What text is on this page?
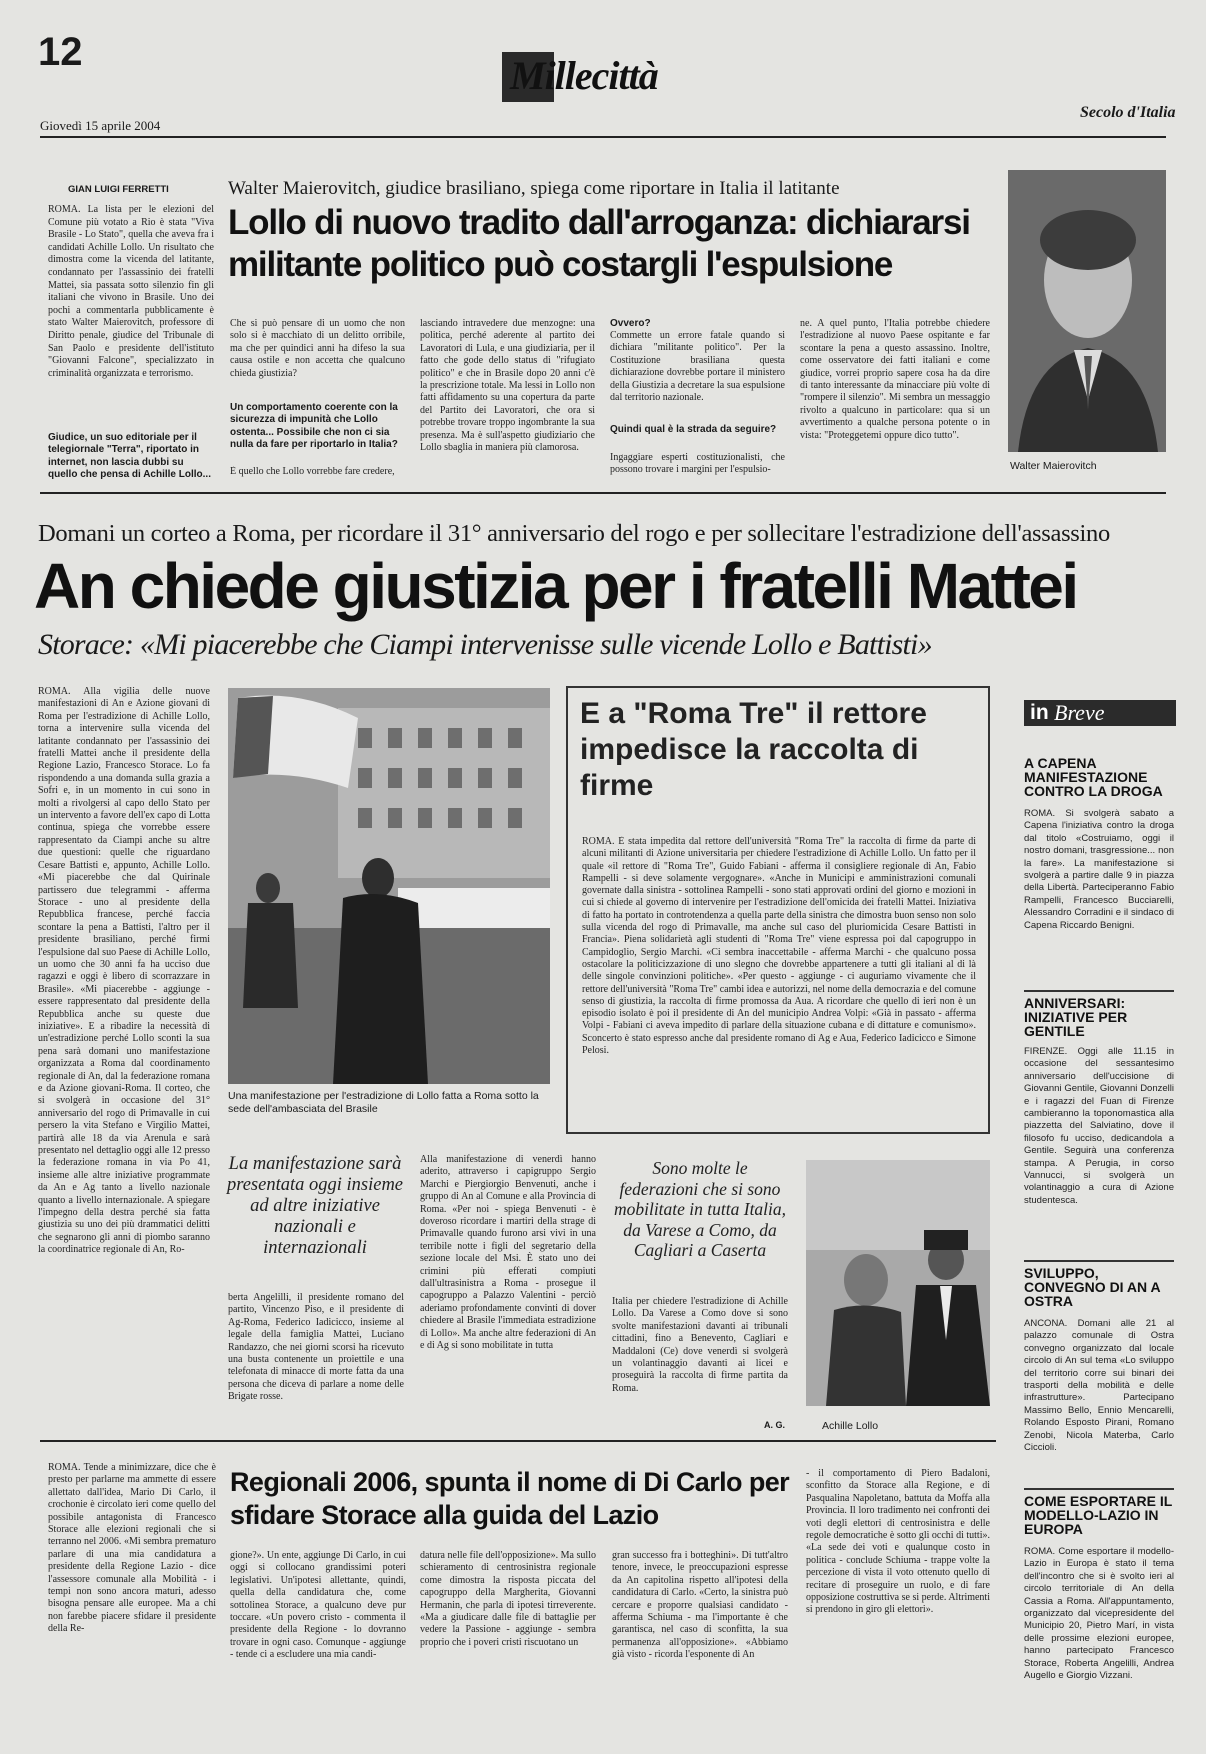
12
Millecittà
Giovedì 15 aprile 2004
Secolo d'Italia
GIAN LUIGI FERRETTI
ROMA. La lista per le elezioni del Comune più votato a Rio è stata "Viva Brasile - Lo Stato", quella che aveva fra i candidati Achille Lollo. Un risultato che dimostra come la vicenda del latitante, condannato per l'assassinio dei fratelli Mattei, sia passata sotto silenzio fin gli italiani che vivono in Brasile. Uno dei pochi a commentarla pubblicamente è stato Walter Maierovitch, professore di Diritto penale, giudice del Tribunale di San Paolo e presidente dell'istituto "Giovanni Falcone", specializzato in criminalità organizzata e terrorismo.
Giudice, un suo editoriale per il telegiornale "Terra", riportato in internet, non lascia dubbi su quello che pensa di Achille Lollo...
Walter Maierovitch, giudice brasiliano, spiega come riportare in Italia il latitante
Lollo di nuovo tradito dall'arroganza: dichiararsi militante politico può costargli l'espulsione
Che si può pensare di un uomo che non solo si è macchiato di un delitto orribile, ma che per quindici anni ha difeso la sua causa ostile e non accetta che qualcuno chieda giustizia?
Un comportamento coerente con la sicurezza di impunità che Lollo ostenta... Possibile che non ci sia nulla da fare per riportarlo in Italia?
È quello che Lollo vorrebbe fare credere,
lasciando intravedere due menzogne: una politica, perché aderente al partito dei Lavoratori di Lula, e una giudiziaria, per il fatto che gode dello status di "rifugiato politico" e che in Brasile dopo 20 anni c'è la prescrizione totale. Ma lessi in Lollo non fatti affidamento su una copertura da parte del Partito dei Lavoratori, che ora si potrebbe trovare troppo ingombrante la sua presenza. Ma è sull'aspetto giudiziario che Lollo sbaglia in maniera più clamorosa.
Ovvero?
Commette un errore fatale quando si dichiara "militante politico". Per la Costituzione brasiliana questa dichiarazione dovrebbe portare il ministero della Giustizia a decretare la sua espulsione dal territorio nazionale.
Quindi qual è la strada da seguire?
Ingaggiare esperti costituzionalisti, che possono trovare i margini per l'espulsio-
ne. A quel punto, l'Italia potrebbe chiedere l'estradizione al nuovo Paese ospitante e far scontare la pena a questo assassino. Inoltre, come osservatore dei fatti italiani e come giudice, vorrei proprio sapere cosa ha da dire di tanto interessante da minacciare più volte di "rompere il silenzio". Mi sembra un messaggio rivolto a qualcuno in particolare: qua si un avvertimento a qualche persona potente o in vista: "Proteggetemi oppure dico tutto".
Walter Maierovitch
Domani un corteo a Roma, per ricordare il 31° anniversario del rogo e per sollecitare l'estradizione dell'assassino
An chiede giustizia per i fratelli Mattei
Storace: «Mi piacerebbe che Ciampi intervenisse sulle vicende Lollo e Battisti»
ROMA. Alla vigilia delle nuove manifestazioni di An e Azione giovani di Roma per l'estradizione di Achille Lollo, torna a intervenire sulla vicenda del latitante condannato per l'assassinio dei fratelli Mattei anche il presidente della Regione Lazio, Francesco Storace. Lo fa rispondendo a una domanda sulla grazia a Sofri e, in un momento in cui sono in molti a rivolgersi al capo dello Stato per un intervento a favore dell'ex capo di Lotta continua, spiega che vorrebbe essere rappresentato da Ciampi anche su altre due questioni: quelle che riguardano Cesare Battisti e, appunto, Achille Lollo. «Mi piacerebbe che dal Quirinale partissero due telegrammi - afferma Storace - uno al presidente della Repubblica francese, perché faccia scontare la pena a Battisti, l'altro per il presidente brasiliano, perché firmi l'espulsione dal suo Paese di Achille Lollo, un uomo che 30 anni fa ha ucciso due ragazzi e oggi è libero di scorrazzare in Brasile». «Mi piacerebbe - aggiunge - essere rappresentato dal presidente della Repubblica anche su queste due iniziative». E a ribadire la necessità di un'estradizione perché Lollo sconti la sua pena sarà domani uno manifestazione organizzata a Roma dal coordinamento regionale di An, dal la federazione romana e da Azione giovani-Roma. Il corteo, che si svolgerà in occasione del 31° anniversario del rogo di Primavalle in cui persero la vita Stefano e Virgilio Mattei, partirà alle 18 da via Arenula e sarà presentato nel dettaglio oggi alle 12 presso la federazione romana in via Po 41, insieme alle altre iniziative programmate da An e Ag tanto a livello nazionale quanto a livello internazionale. A spiegare l'impegno della destra perché sia fatta giustizia su uno dei più drammatici delitti che segnarono gli anni di piombo saranno la coordinatrice regionale di An, Ro-
Una manifestazione per l'estradizione di Lollo fatta a Roma sotto la sede dell'ambasciata del Brasile
E a "Roma Tre" il rettore impedisce la raccolta di firme
ROMA. È stata impedita dal rettore dell'università "Roma Tre" la raccolta di firme da parte di alcuni militanti di Azione universitaria per chiedere l'estradizione di Achille Lollo. Un fatto per il quale «il rettore di "Roma Tre", Guido Fabiani - afferma il consigliere regionale di An, Fabio Rampelli - si deve solamente vergognare». «Anche in Municipi e amministrazioni comunali governate dalla sinistra - sottolinea Rampelli - sono stati approvati ordini del giorno e mozioni in cui si chiede al governo di intervenire per l'estradizione dell'omicida dei fratelli Mattei. Iniziativa di fatto ha portato in controtendenza a quella parte della sinistra che dimostra buon senso non solo sulla vicenda del rogo di Primavalle, ma anche sul caso del pluriomicida Cesare Battisti in Francia». Piena solidarietà agli studenti di "Roma Tre" viene espressa poi dal capogruppo in Campidoglio, Sergio Marchi. «Ci sembra inaccettabile - afferma Marchi - che qualcuno possa ostacolare la politicizzazione di uno slegno che dovrebbe appartenere a tutti gli italiani al di là delle singole convinzioni politiche». «Per questo - aggiunge - ci auguriamo vivamente che il rettore dell'università "Roma Tre" cambi idea e autorizzi, nel nome della democrazia e del comune senso di giustizia, la raccolta di firme promossa da Aua. A ricordare che quello di ieri non è un episodio isolato è poi il presidente di An del municipio Andrea Volpi: «Già in passato - afferma Volpi - Fabiani ci aveva impedito di parlare della situazione cubana e di dittature e comunismo». Sconcerto è stato espresso anche dal presidente romano di Ag e Aua, Federico Iadicicco e Simone Pelosi.
La manifestazione sarà presentata oggi insieme ad altre iniziative nazionali e internazionali
berta Angelilli, il presidente romano del partito, Vincenzo Piso, e il presidente di Ag-Roma, Federico Iadicicco, insieme al legale della famiglia Mattei, Luciano Randazzo, che nei giorni scorsi ha ricevuto una busta contenente un proiettile e una telefonata di minacce di morte fatta da una persona che diceva di parlare a nome delle Brigate rosse.
Alla manifestazione di venerdì hanno aderito, attraverso i capigruppo Sergio Marchi e Piergiorgio Benvenuti, anche i gruppo di An al Comune e alla Provincia di Roma. «Per noi - spiega Benvenuti - è doveroso ricordare i martiri della strage di Primavalle quando furono arsi vivi in una terribile notte i figli del segretario della sezione locale del Msi. È stato uno dei crimini più efferati compiuti dall'ultrasinistra a Roma - prosegue il capogruppo a Palazzo Valentini - perciò aderiamo profondamente convinti di dover chiedere al Brasile l'immediata estradizione di Lollo». Ma anche altre federazioni di An e di Ag si sono mobilitate in tutta
Sono molte le federazioni che si sono mobilitate in tutta Italia, da Varese a Como, da Cagliari a Caserta
Italia per chiedere l'estradizione di Achille Lollo. Da Varese a Como dove si sono svolte manifestazioni davanti ai tribunali cittadini, fino a Benevento, Cagliari e Maddaloni (Ce) dove venerdì si svolgerà un volantinaggio davanti ai licei e proseguirà la raccolta di firme partita da Roma.
A. G.	Achille Lollo
in Breve
A CAPENA MANIFESTAZIONE CONTRO LA DROGA
ROMA. Si svolgerà sabato a Capena l'iniziativa contro la droga dal titolo «Costruiamo, oggi il nostro domani, trasgressione... non la fare». La manifestazione si svolgerà a partire dalle 9 in piazza della Libertà. Parteciperanno Fabio Rampelli, Francesco Bucciarelli, Alessandro Corradini e il sindaco di Capena Riccardo Benigni.
ANNIVERSARI: INIZIATIVE PER GENTILE
FIRENZE. Oggi alle 11.15 in occasione del sessantesimo anniversario dell'uccisione di Giovanni Gentile, Giovanni Donzelli e i ragazzi del Fuan di Firenze cambieranno la toponomastica alla piazzetta del Salviatino, dove il filosofo fu ucciso, dedicandola a Gentile. Seguirà una conferenza stampa. A Perugia, in corso Vannucci, si svolgerà un volantinaggio a cura di Azione studentesca.
SVILUPPO, CONVEGNO DI AN A OSTRA
ANCONA. Domani alle 21 al palazzo comunale di Ostra convegno organizzato dal locale circolo di An sul tema «Lo sviluppo del territorio corre sui binari dei trasporti della mobilità e delle infrastrutture». Partecipano Massimo Bello, Ennio Mencarelli, Rolando Esposto Pirani, Romano Zenobi, Nicola Materba, Carlo Ciccioli.
COME ESPORTARE IL MODELLO-LAZIO IN EUROPA
ROMA. Come esportare il modello-Lazio in Europa è stato il tema dell'incontro che si è svolto ieri al circolo territoriale di An della Cassia a Roma. All'appuntamento, organizzato dal vicepresidente del Municipio 20, Pietro Marí, in vista delle prossime elezioni europee, hanno partecipato Francesco Storace, Roberta Angelilli, Andrea Augello e Giorgio Vizzani.
ROMA. Tende a minimizzare, dice che è presto per parlarne ma ammette di essere allettato dall'idea, Mario Di Carlo, il crochonie è circolato ieri come quello del possibile antagonista di Francesco Storace alle elezioni regionali che si terranno nel 2006. «Mi sembra prematuro parlare di una mia candidatura a presidente della Regione Lazio - dice l'assessore comunale alla Mobilità - i tempi non sono ancora maturi, adesso bisogna pensare alle europee. Ma a chi non farebbe piacere sfidare il presidente della Re-
Regionali 2006, spunta il nome di Di Carlo per sfidare Storace alla guida del Lazio
gione?». Un ente, aggiunge Di Carlo, in cui oggi si collocano grandissimi poteri legislativi. Un'ipotesi allettante, quindi, quella della candidatura che, come sottolinea Storace, a qualcuno deve pur toccare. «Un povero cristo - commenta il presidente della Regione - lo dovranno trovare in ogni caso. Comunque - aggiunge - tende ci a escludere una mia candi-
datura nelle file dell'opposizione». Ma sullo schieramento di centrosinistra regionale come dimostra la risposta piccata del capogruppo della Margherita, Giovanni Hermanin, che parla di ipotesi tirreverente. «Ma a giudicare dalle file di battaglie per vedere la Passione - aggiunge - sembra proprio che i poveri cristi riscuotano un
gran successo fra i botteghini». Di tutt'altro tenore, invece, le preoccupazioni espresse da An capitolina rispetto all'ipotesi della candidatura di Carlo. «Certo, la sinistra può cercare e proporre qualsiasi candidato - afferma Schiuma - ma l'importante è che garantisca, nel caso di sconfitta, la sua permanenza all'opposizione». «Abbiamo già visto - ricorda l'esponente di An
- il comportamento di Piero Badaloni, sconfitto da Storace alla Regione, e di Pasqualina Napoletano, battuta da Moffa alla Provincia. Il loro tradimento nei confronti dei voti degli elettori di centrosinistra e delle regole democratiche è sotto gli occhi di tutti». «La sede dei voti e qualunque costo in politica - conclude Schiuma - trappe volte la percezione di vista il voto ottenuto quello di recitare di proseguire un ruolo, e di fare opposizione costruttiva se si perde. Altrimenti si prendono in giro gli elettori».
